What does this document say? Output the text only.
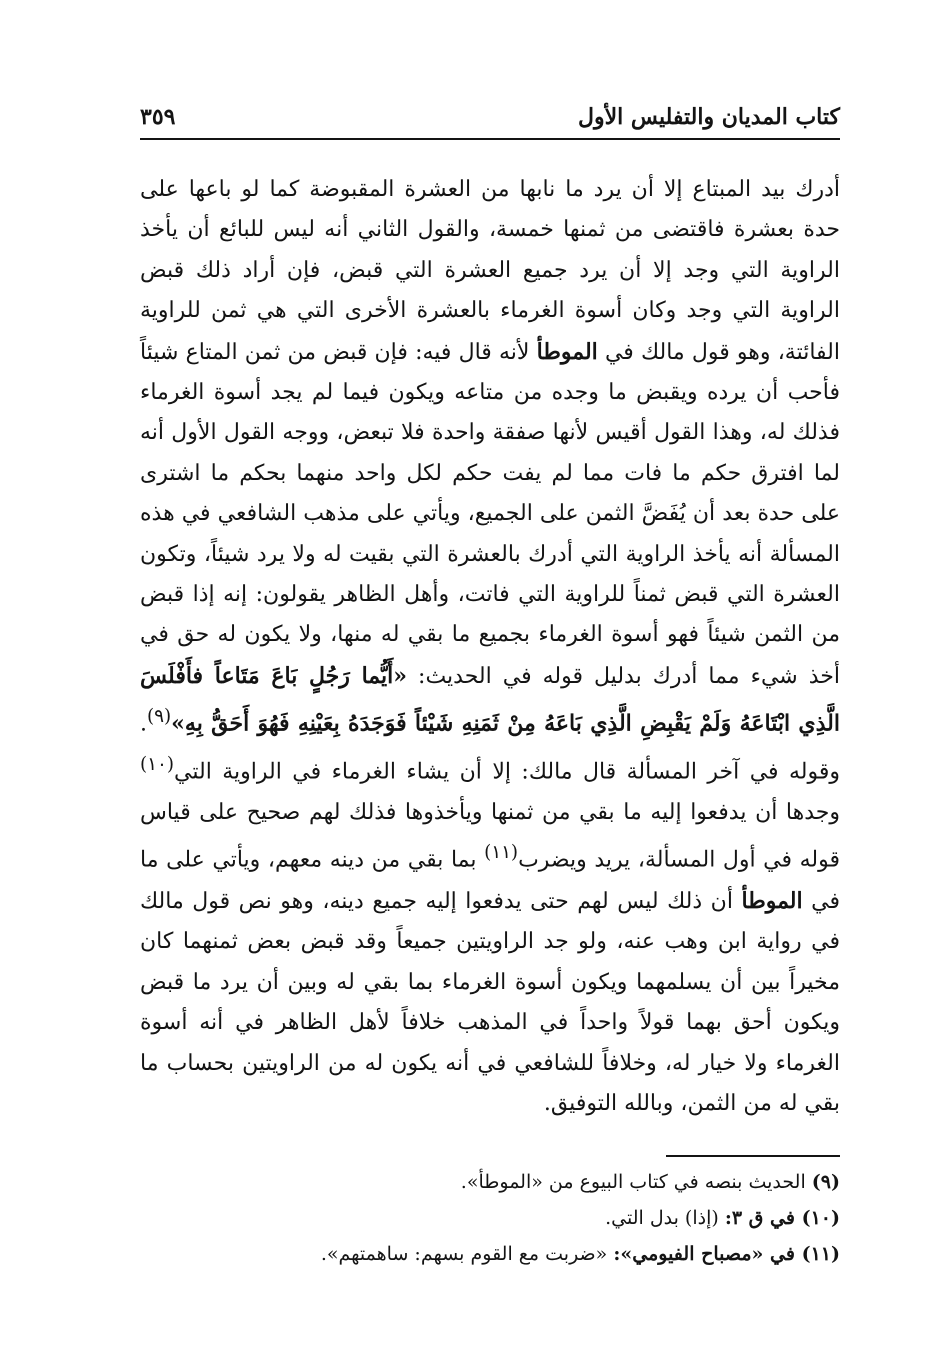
كتاب المديان والتفليس الأول
٣٥٩

أدرك بيد المبتاع إلا أن يرد ما نابها من العشرة المقبوضة كما لو باعها على حدة بعشرة فاقتضى من ثمنها خمسة، والقول الثاني أنه ليس للبائع أن يأخذ الراوية التي وجد إلا أن يرد جميع العشرة التي قبض، فإن أراد ذلك قبض الراوية التي وجد وكان أسوة الغرماء بالعشرة الأخرى التي هي ثمن للراوية الفائتة، وهو قول مالك في الموطأ لأنه قال فيه: فإن قبض من ثمن المتاع شيئاً فأحب أن يرده ويقبض ما وجده من متاعه ويكون فيما لم يجد أسوة الغرماء فذلك له، وهذا القول أقيس لأنها صفقة واحدة فلا تبعض، ووجه القول الأول أنه لما افترق حكم ما فات مما لم يفت حكم لكل واحد منهما بحكم ما اشترى على حدة بعد أن يُفَضَّ الثمن على الجميع، ويأتي على مذهب الشافعي في هذه المسألة أنه يأخذ الراوية التي أدرك بالعشرة التي بقيت له ولا يرد شيئاً، وتكون العشرة التي قبض ثمناً للراوية التي فاتت، وأهل الظاهر يقولون: إنه إذا قبض من الثمن شيئاً فهو أسوة الغرماء بجميع ما بقي له منها، ولا يكون له حق في أخذ شيء مما أدرك بدليل قوله في الحديث: «أَيُّما رَجُلٍ بَاعَ مَتَاعاً فأَفْلَسَ الَّذِي ابْتَاعَهُ وَلَمْ يَقْبِضِ الَّذِي بَاعَهُ مِنْ ثَمَنِهِ شَيْئاً فَوَجَدَهُ بِعَيْنِهِ فَهُوَ أَحَقُّ بِهِ»$^{(٩)}$. وقوله في آخر المسألة قال مالك: إلا أن يشاء الغرماء في الراوية التي$^{(١٠)}$ وجدها أن يدفعوا إليه ما بقي من ثمنها ويأخذوها فذلك لهم صحيح على قياس قوله في أول المسألة، يريد ويضرب$^{(١١)}$ بما بقي من دينه معهم، ويأتي على ما في الموطأ أن ذلك ليس لهم حتى يدفعوا إليه جميع دينه، وهو نص قول مالك في رواية ابن وهب عنه، ولو جد الراويتين جميعاً وقد قبض بعض ثمنهما كان مخيراً بين أن يسلمهما ويكون أسوة الغرماء بما بقي له وبين أن يرد ما قبض ويكون أحق بهما قولاً واحداً في المذهب خلافاً لأهل الظاهر في أنه أسوة الغرماء ولا خيار له، وخلافاً للشافعي في أنه يكون له من الراويتين بحساب ما بقي له من الثمن، وبالله التوفيق.

(٩) الحديث بنصه في كتاب البيوع من «الموطأ».
(١٠) في ق ٣: (إذا) بدل التي.
(١١) في «مصباح الفيومي»: «ضربت مع القوم بسهم: ساهمتهم».
